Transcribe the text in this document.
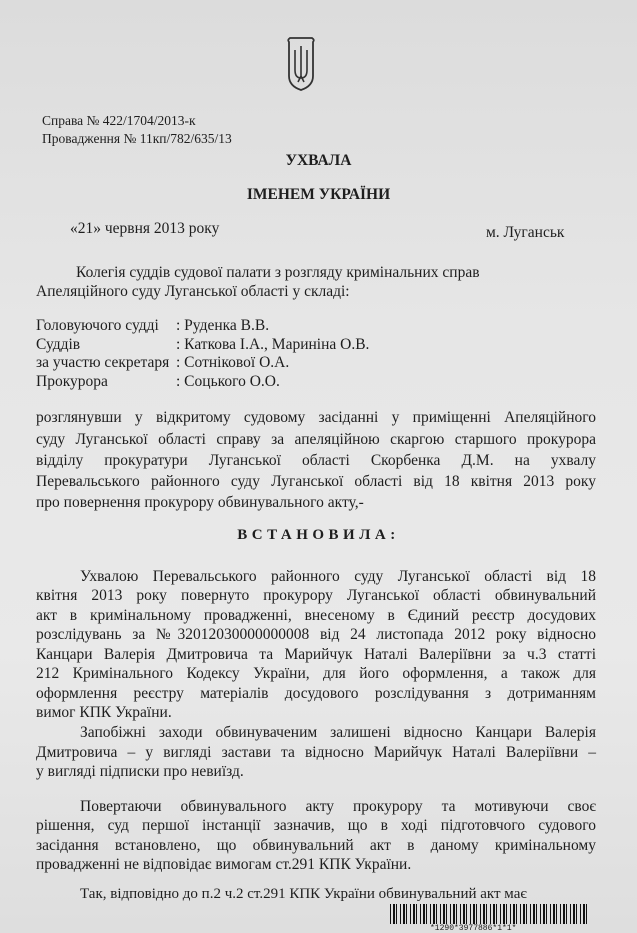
Справа № 422/1704/2013-к
Провадження № 11кп/782/635/13
УХВАЛА
ІМЕНЕМ УКРАЇНИ
«21» червня 2013 року	м. Луганськ
Колегія суддів судової палати з розгляду кримінальних справ
Апеляційного суду Луганської області у складі:
Головуючого судді : Руденка В.В.
Суддів	: Каткова І.А., Мариніна О.В.
за участю секретаря : Сотнікової О.А.
Прокурора	: Соцького О.О.
розглянувши у відкритому судовому засіданні у приміщенні Апеляційного
суду Луганської області справу за апеляційною скаргою старшого прокурора
відділу прокуратури Луганської області Скорбенка Д.М. на ухвалу
Перевальського районного суду Луганської області від 18 квітня 2013 року
про повернення прокурору обвинувального акту,-
ВСТАНОВИЛА:
Ухвалою Перевальського районного суду Луганської області від 18
квітня 2013 року повернуто прокурору Луганської області обвинувальний
акт в кримінальному провадженні, внесеному в Єдиний реєстр досудових
розслідувань за №32012030000000008 від 24 листопада 2012 року відносно
Канцари Валерія Дмитровича та Марийчук Наталі Валеріївни за ч.3 статті
212 Кримінального Кодексу України, для його оформлення, а також для
оформлення реєстру матеріалів досудового розслідування з дотриманням
вимог КПК України.
Запобіжні заходи обвинуваченим залишені відносно Канцари Валерія
Дмитровича – у вигляді застави та відносно Марийчук Наталі Валеріївни –
у вигляді підписки про невиїзд.
Повертаючи обвинувального акту прокурору та мотивуючи своє
рішення, суд першої інстанції зазначив, що в ході підготовчого судового
засідання встановлено, що обвинувальний акт в даному кримінальному
провадженні не відповідає вимогам ст.291 КПК України.
Так, відповідно до п.2 ч.2 ст.291 КПК України обвинувальний акт має
*1290*3977886*1*1*
